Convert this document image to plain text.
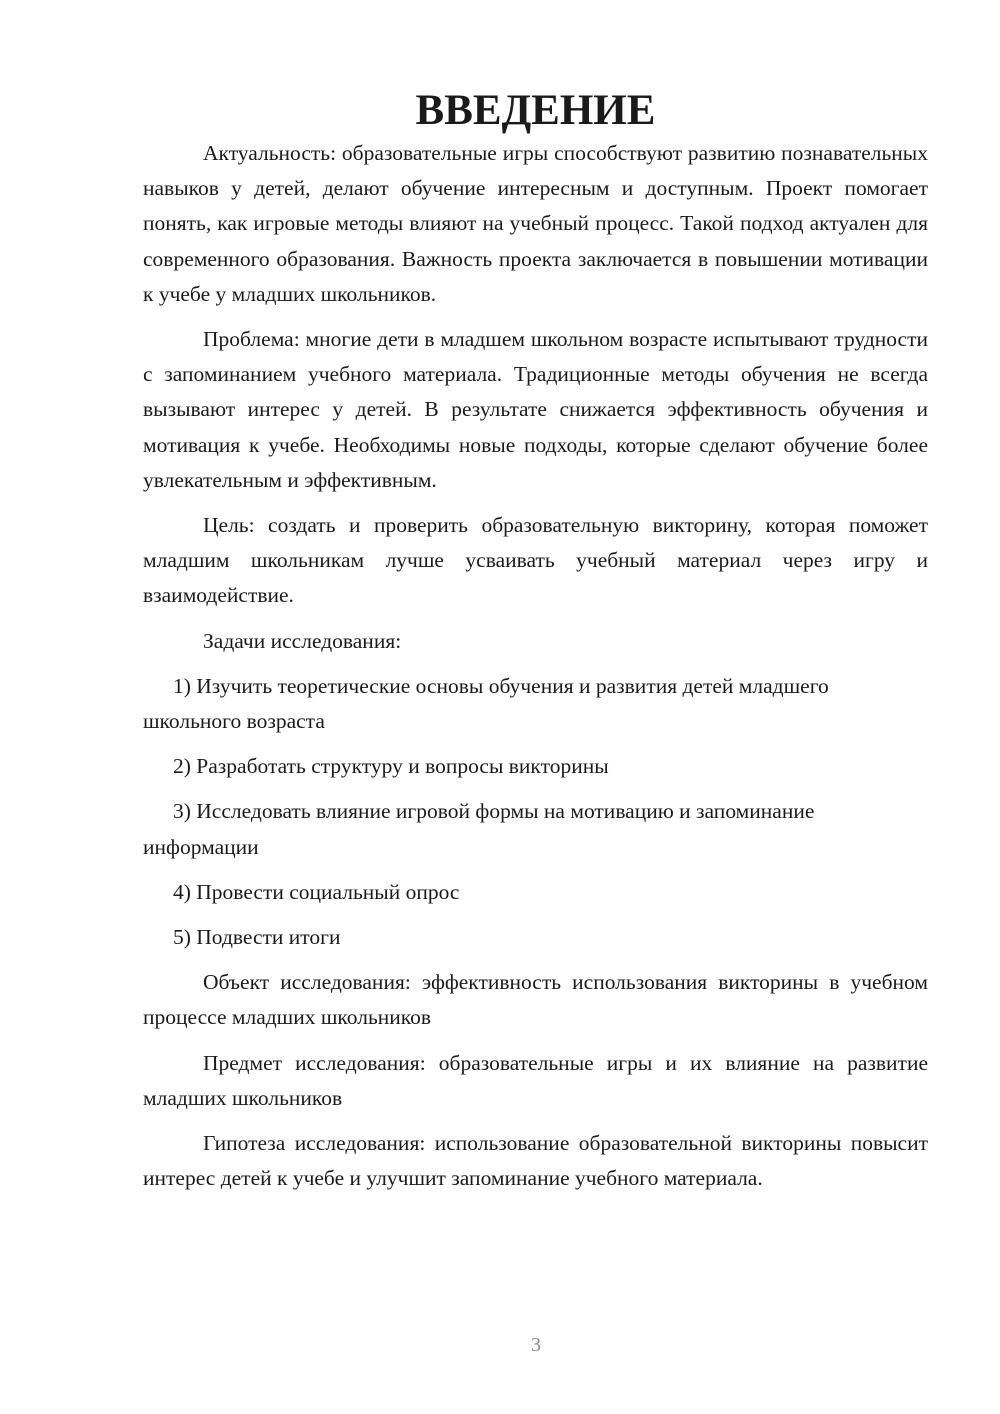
ВВЕДЕНИЕ

Актуальность: образовательные игры способствуют развитию познавательных навыков у детей, делают обучение интересным и доступным. Проект помогает понять, как игровые методы влияют на учебный процесс. Такой подход актуален для современного образования. Важность проекта заключается в повышении мотивации к учебе у младших школьников.

Проблема: многие дети в младшем школьном возрасте испытывают трудности с запоминанием учебного материала. Традиционные методы обучения не всегда вызывают интерес у детей. В результате снижается эффективность обучения и мотивация к учебе. Необходимы новые подходы, которые сделают обучение более увлекательным и эффективным.

Цель: создать и проверить образовательную викторину, которая поможет младшим школьникам лучше усваивать учебный материал через игру и взаимодействие.

Задачи исследования:

1) Изучить теоретические основы обучения и развития детей младшего школьного возраста

2) Разработать структуру и вопросы викторины

3) Исследовать влияние игровой формы на мотивацию и запоминание информации

4) Провести социальный опрос

5) Подвести итоги

Объект исследования: эффективность использования викторины в учебном процессе младших школьников

Предмет исследования: образовательные игры и их влияние на развитие младших школьников

Гипотеза исследования: использование образовательной викторины повысит интерес детей к учебе и улучшит запоминание учебного материала.

3
